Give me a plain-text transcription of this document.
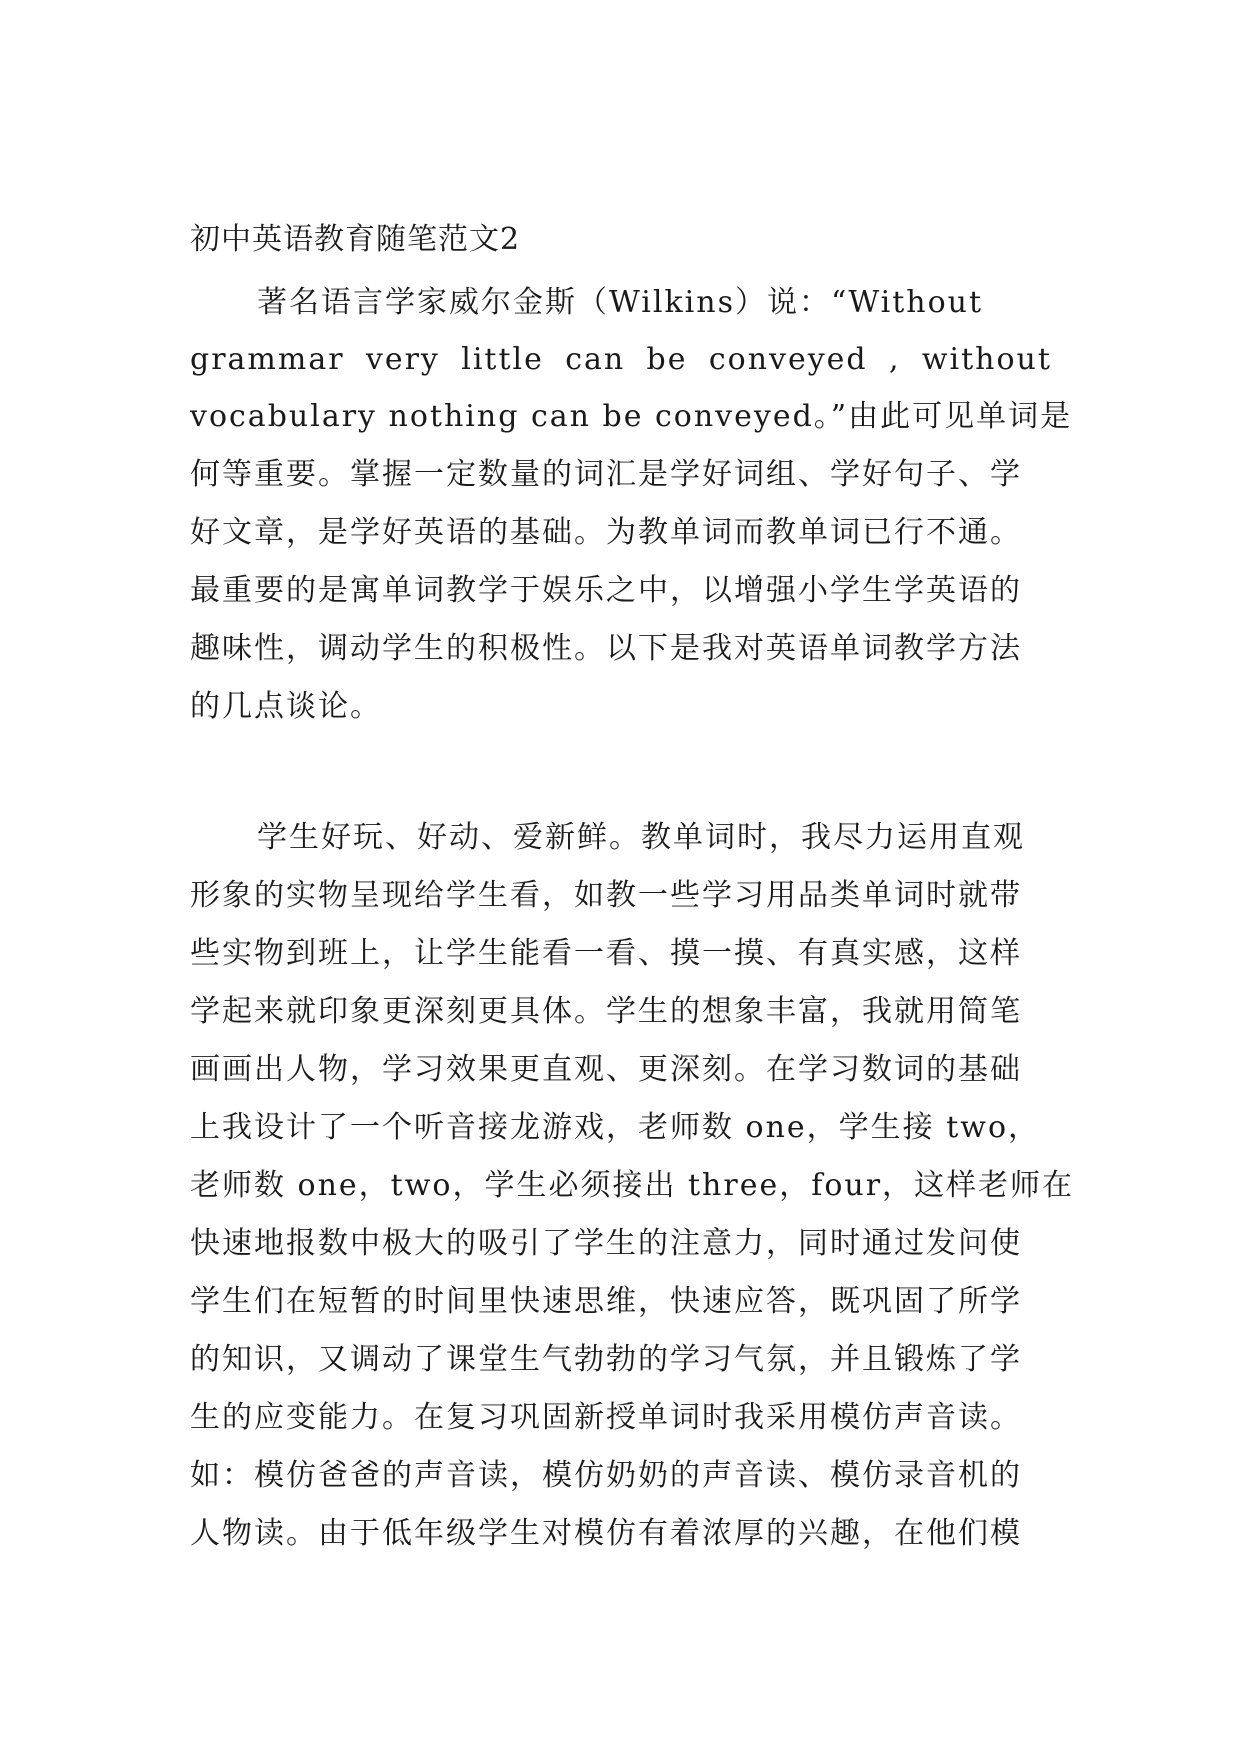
初中英语教育随笔范文2
著名语言学家威尔金斯（Wilkins）说：“Without
grammar very little can be conveyed , without
vocabulary nothing can be conveyed。”由此可见单词是
何等重要。掌握一定数量的词汇是学好词组、学好句子、学
好文章，是学好英语的基础。为教单词而教单词已行不通。
最重要的是寓单词教学于娱乐之中，以增强小学生学英语的
趣味性，调动学生的积极性。以下是我对英语单词教学方法
的几点谈论。
学生好玩、好动、爱新鲜。教单词时，我尽力运用直观
形象的实物呈现给学生看，如教一些学习用品类单词时就带
些实物到班上，让学生能看一看、摸一摸、有真实感，这样
学起来就印象更深刻更具体。学生的想象丰富，我就用简笔
画画出人物，学习效果更直观、更深刻。在学习数词的基础
上我设计了一个听音接龙游戏，老师数 one，学生接 two，
老师数 one，two，学生必须接出 three，four，这样老师在
快速地报数中极大的吸引了学生的注意力，同时通过发问使
学生们在短暂的时间里快速思维，快速应答，既巩固了所学
的知识，又调动了课堂生气勃勃的学习气氛，并且锻炼了学
生的应变能力。在复习巩固新授单词时我采用模仿声音读。
如：模仿爸爸的声音读，模仿奶奶的声音读、模仿录音机的
人物读。由于低年级学生对模仿有着浓厚的兴趣，在他们模
